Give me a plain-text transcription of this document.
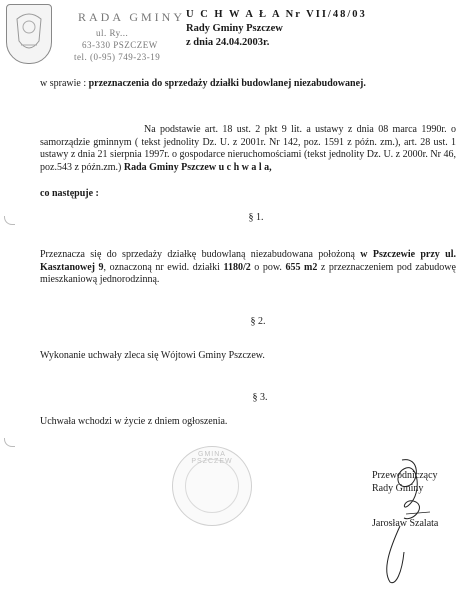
RADA GMINY
ul. Ry...
63-330 PSZCZEW
tel. (0-95) 749-23-19
U C H W A Ł A Nr VII/48/03
Rady Gminy Pszczew
z dnia 24.04.2003r.
w sprawie : przeznaczenia do sprzedaży działki budowlanej niezabudowanej.
Na podstawie art. 18 ust. 2 pkt 9 lit. a ustawy z dnia 08 marca 1990r. o samorządzie gminnym ( tekst jednolity Dz. U. z 2001r. Nr 142, poz. 1591 z późn. zm.), art. 28 ust. 1 ustawy z dnia 21 sierpnia 1997r. o gospodarce nieruchomościami (tekst jednolity Dz. U. z 2000r. Nr 46, poz.543 z późn.zm.) Rada Gminy Pszczew u c h w a l a,
co następuje :
§ 1.
Przeznacza się do sprzedaży działkę budowlaną niezabudowana położoną w Pszczewie przy ul. Kasztanowej 9, oznaczoną nr ewid. działki 1180/2 o pow. 655 m2 z przeznaczeniem pod zabudowę mieszkaniową jednorodzinną.
§ 2.
Wykonanie uchwały zleca się Wójtowi Gminy Pszczew.
§ 3.
Uchwała wchodzi w życie z dniem ogłoszenia.
GMINA PSZCZEW
Przewodniczący
Rady Gminy
Jarosław Szalata
